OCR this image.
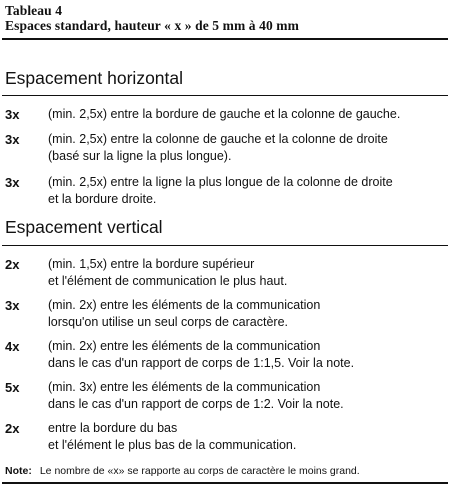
Tableau 4
Espaces standard, hauteur « x » de 5 mm à 40 mm
Espacement horizontal
3x (min. 2,5x) entre la bordure de gauche et la colonne de gauche.
3x (min. 2,5x) entre la colonne de gauche et la colonne de droite
(basé sur la ligne la plus longue).
3x (min. 2,5x) entre la ligne la plus longue de la colonne de droite
et la bordure droite.
Espacement vertical
2x (min. 1,5x) entre la bordure supérieur
et l'élément de communication le plus haut.
3x (min. 2x) entre les éléments de la communication
lorsqu'on utilise un seul corps de caractère.
4x (min. 2x) entre les éléments de la communication
dans le cas d'un rapport de corps de 1:1,5. Voir la note.
5x (min. 3x) entre les éléments de la communication
dans le cas d'un rapport de corps de 1:2. Voir la note.
2x entre la bordure du bas
et l'élément le plus bas de la communication.
Note: Le nombre de «x» se rapporte au corps de caractère le moins grand.
